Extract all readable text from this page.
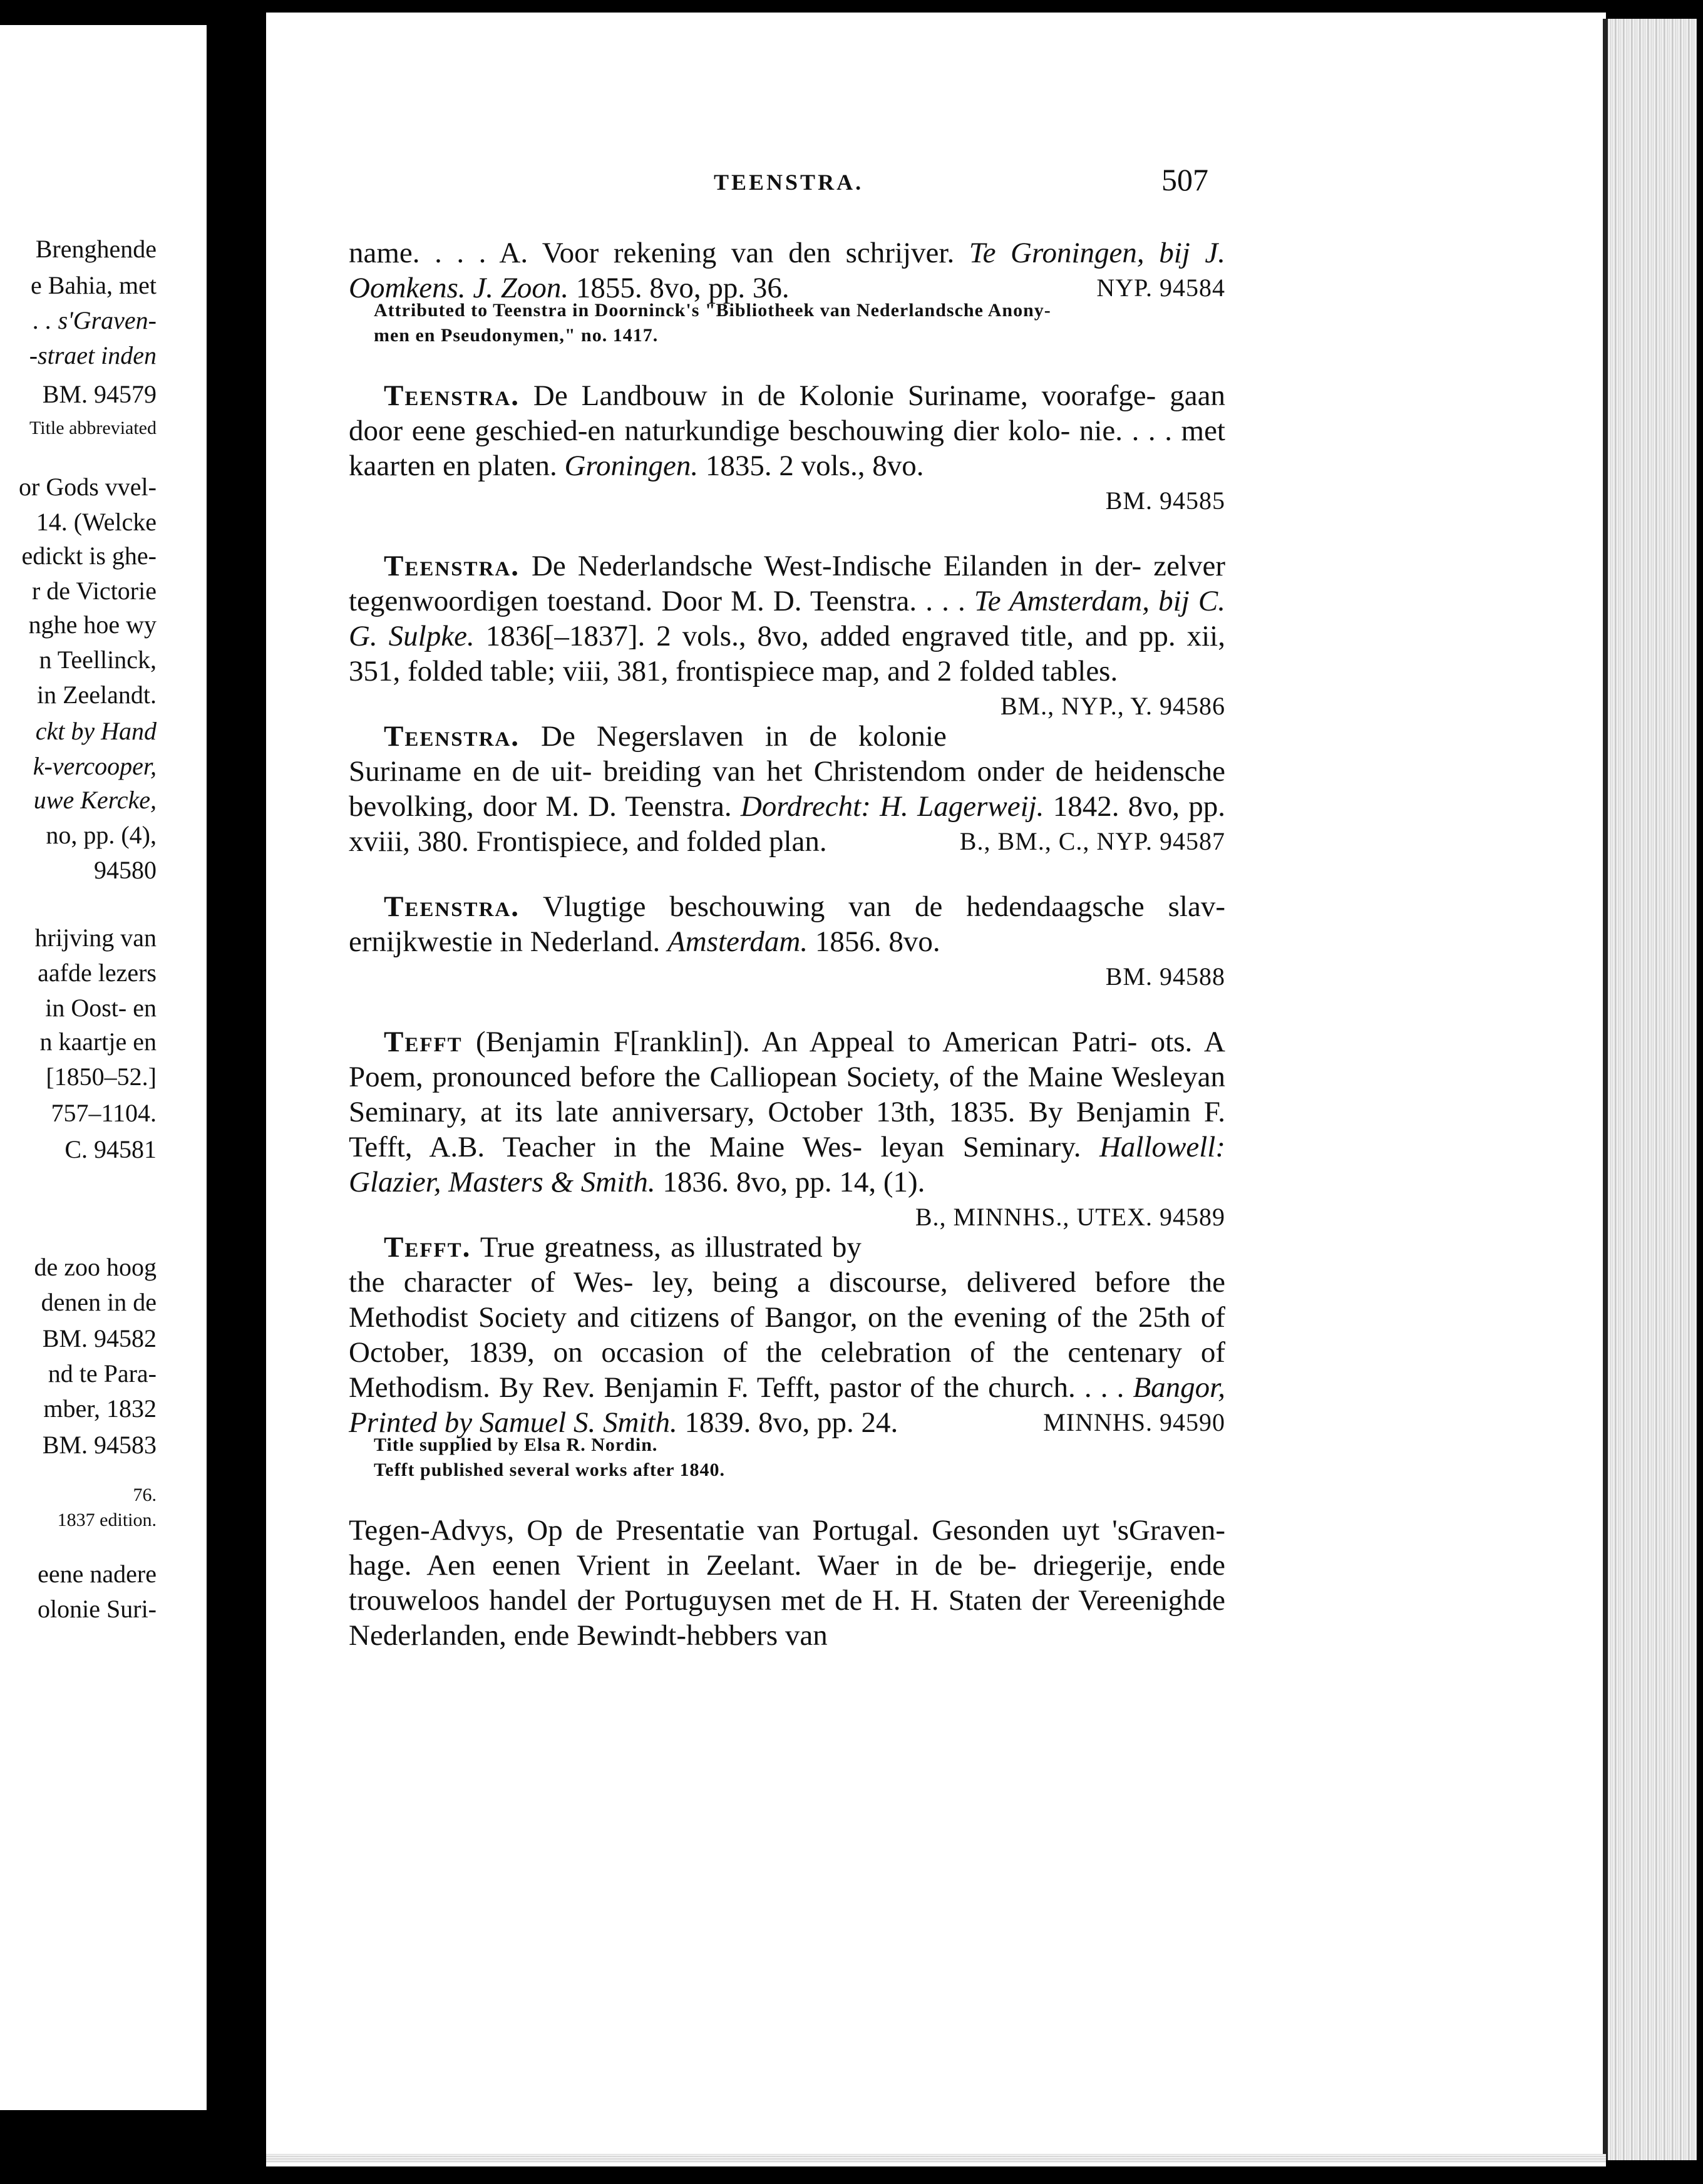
Brenghende
e Bahia, met
. . s'Graven-
-straet inden
BM. 94579
Title abbreviated
or Gods vvel-
14. (Welcke
edickt is ghe-
r de Victorie
nghe hoe wy
n Teellinck,
in Zeelandt.
ckt by Hand
k-vercooper,
uwe Kercke,
no, pp. (4),
94580
hrijving van
aafde lezers
in Oost- en
n kaartje en
[1850–52.]
757–1104.
C. 94581
de zoo hoog
denen in de
BM. 94582
nd te Para-
mber, 1832
BM. 94583
76.
1837 edition.
eene nadere
olonie Suri-
TEENSTRA.	507

name. . . . A. Voor rekening van den schrijver. Te Groningen, bij J. Oomkens. J. Zoon. 1855. 8vo, pp. 36. 	NYP. 94584

Attributed to Teenstra in Doorninck's "Bibliotheek van Nederlandsche Anony-
men en Pseudonymen," no. 1417.

Teenstra. De Landbouw in de Kolonie Suriname, voorafge- gaan door eene geschied-en naturkundige beschouwing dier kolo- nie. . . . met kaarten en platen. Groningen. 1835. 2 vols., 8vo.
BM. 94585

Teenstra. De Nederlandsche West-Indische Eilanden in der- zelver tegenwoordigen toestand. Door M. D. Teenstra. . . . Te Amsterdam, bij C. G. Sulpke. 1836[–1837]. 2 vols., 8vo, added engraved title, and pp. xii, 351, folded table; viii, 381, frontispiece map, and 2 folded tables. 
BM., NYP., Y. 94586

Teenstra. De Negerslaven in de kolonie Suriname en de uit- breiding van het Christendom onder de heidensche bevolking, door M. D. Teenstra. Dordrecht: H. Lagerweij. 1842. 8vo, pp. xviii, 380. Frontispiece, and folded plan. 	B., BM., C., NYP. 94587

Teenstra. Vlugtige beschouwing van de hedendaagsche slav- ernijkwestie in Nederland. Amsterdam. 1856. 8vo.
BM. 94588

Tefft (Benjamin F[ranklin]). An Appeal to American Patri- ots. A Poem, pronounced before the Calliopean Society, of the Maine Wesleyan Seminary, at its late anniversary, October 13th, 1835. By Benjamin F. Tefft, A.B. Teacher in the Maine Wes- leyan Seminary. Hallowell: Glazier, Masters & Smith. 1836. 8vo, pp. 14, (1). 
B., MINNHS., UTEX. 94589

Tefft. True greatness, as illustrated by the character of Wes- ley, being a discourse, delivered before the Methodist Society and citizens of Bangor, on the evening of the 25th of October, 1839, on occasion of the celebration of the centenary of Methodism. By Rev. Benjamin F. Tefft, pastor of the church. . . . Bangor, Printed by Samuel S. Smith. 1839. 8vo, pp. 24. 	MINNHS. 94590

Title supplied by Elsa R. Nordin.
Tefft published several works after 1840.

Tegen-Advys, Op de Presentatie van Portugal. Gesonden uyt 'sGraven-hage. Aen eenen Vrient in Zeelant. Waer in de be- driegerije, ende trouweloos handel der Portuguysen met de H. H. Staten der Vereenighde Nederlanden, ende Bewindt-hebbers van
